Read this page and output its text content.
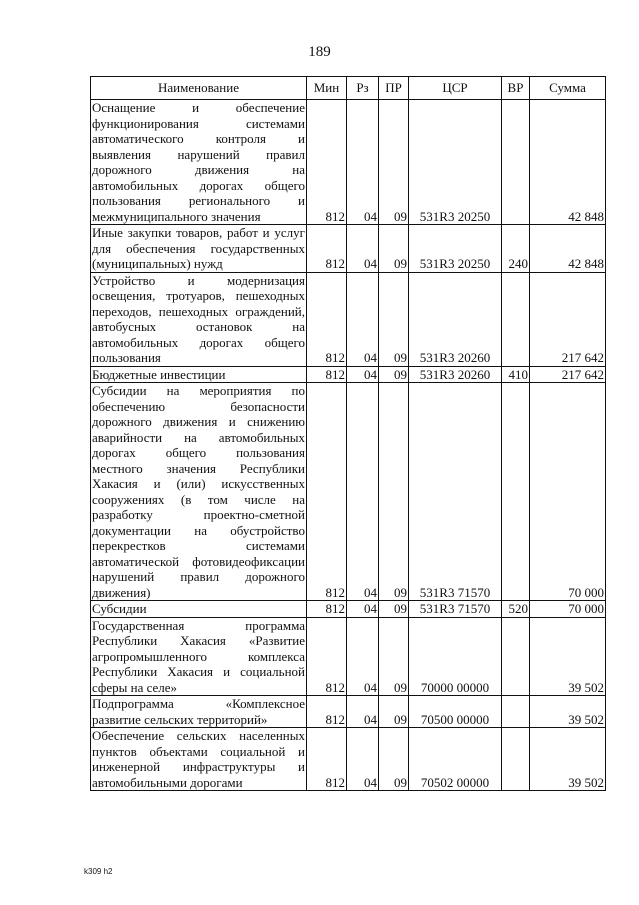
189
Наименование	Мин	Рз	ПР	ЦСР	ВР	Сумма
Оснащение и обеспечение функционирования системами автоматического контроля и выявления нарушений правил дорожного движения на автомобильных дорогах общего пользования регионального и межмуниципального значения	812	04	09	531R3 20250		42 848
Иные закупки товаров, работ и услуг для обеспечения государственных (муниципальных) нужд	812	04	09	531R3 20250	240	42 848
Устройство и модернизация освещения, тротуаров, пешеходных переходов, пешеходных ограждений, автобусных остановок на автомобильных дорогах общего пользования	812	04	09	531R3 20260		217 642
Бюджетные инвестиции	812	04	09	531R3 20260	410	217 642
Субсидии на мероприятия по обеспечению безопасности дорожного движения и снижению аварийности на автомобильных дорогах общего пользования местного значения Республики Хакасия и (или) искусственных сооружениях (в том числе на разработку проектно-сметной документации на обустройство перекрестков системами автоматической фотовидеофиксации нарушений правил дорожного движения)	812	04	09	531R3 71570		70 000
Субсидии	812	04	09	531R3 71570	520	70 000
Государственная программа Республики Хакасия «Развитие агропромышленного комплекса Республики Хакасия и социальной сферы на селе»	812	04	09	70000 00000		39 502
Подпрограмма «Комплексное развитие сельских территорий»	812	04	09	70500 00000		39 502
Обеспечение сельских населенных пунктов объектами социальной и инженерной инфраструктуры и автомобильными дорогами	812	04	09	70502 00000		39 502
k309 h2
